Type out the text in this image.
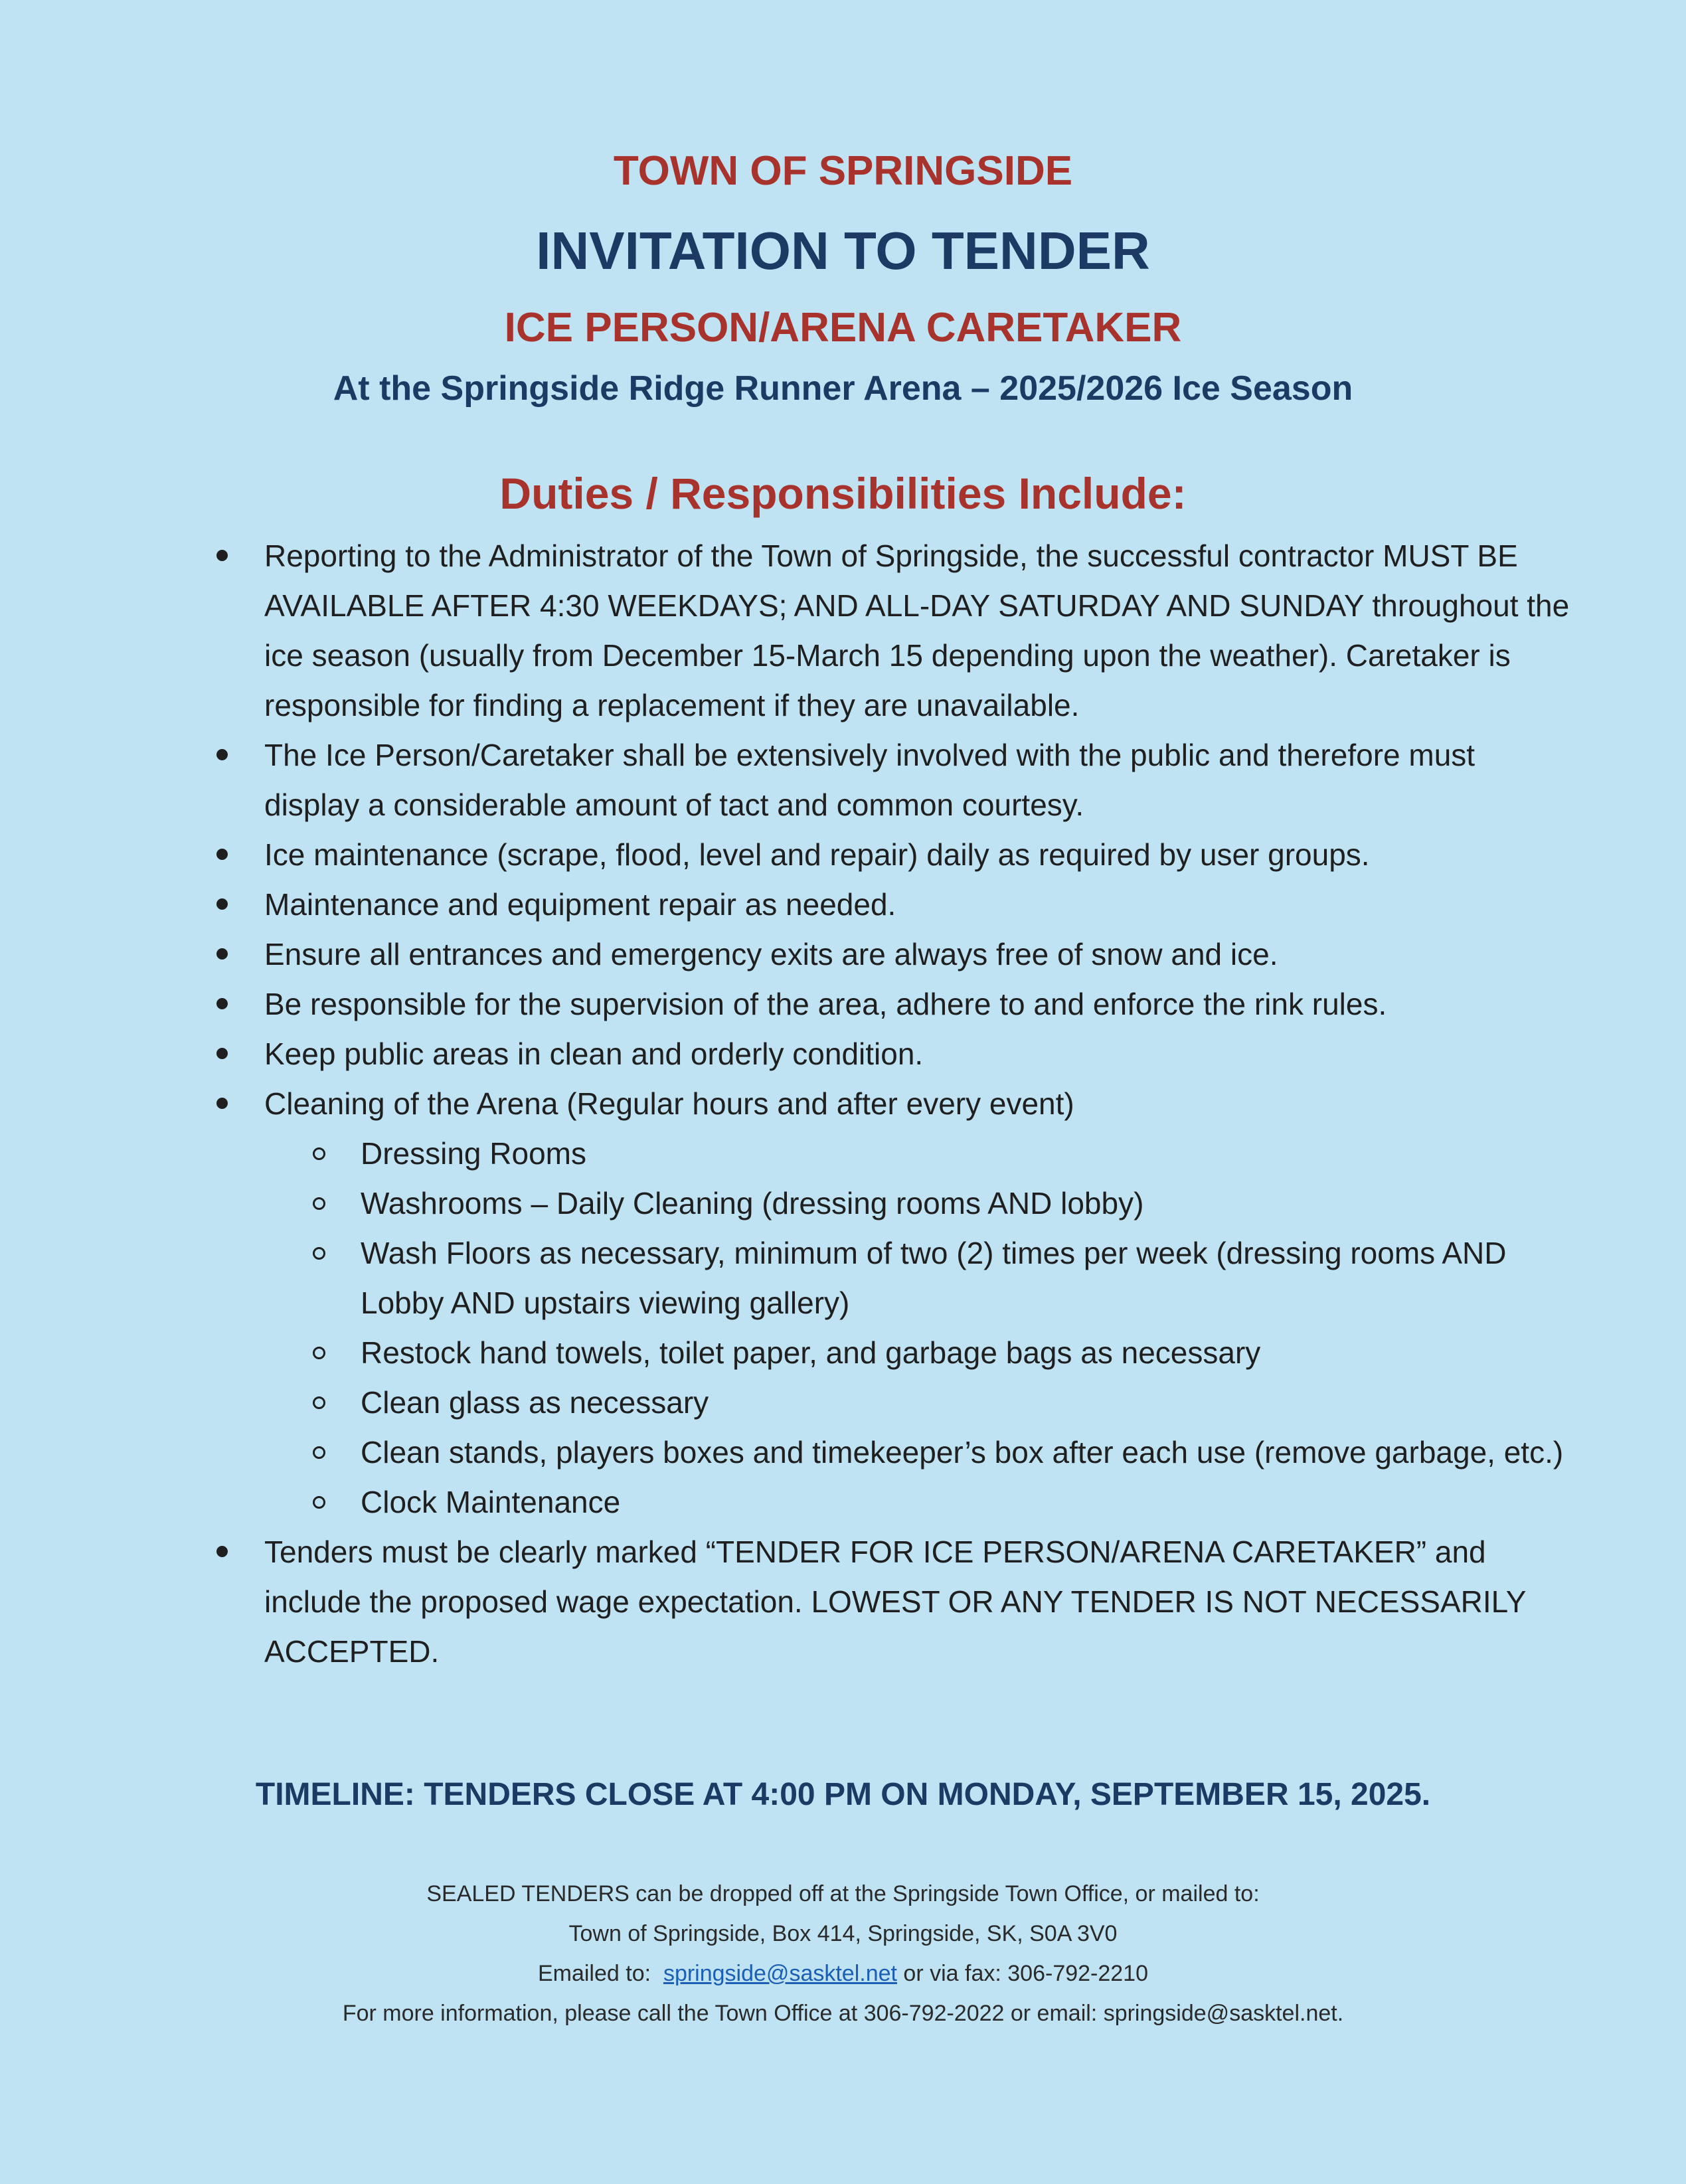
TOWN OF SPRINGSIDE
INVITATION TO TENDER
ICE PERSON/ARENA CARETAKER
At the Springside Ridge Runner Arena – 2025/2026 Ice Season
Duties / Responsibilities Include:
Reporting to the Administrator of the Town of Springside, the successful contractor MUST BE AVAILABLE AFTER 4:30 WEEKDAYS; AND ALL-DAY SATURDAY AND SUNDAY throughout the ice season (usually from December 15-March 15 depending upon the weather). Caretaker is responsible for finding a replacement if they are unavailable.
The Ice Person/Caretaker shall be extensively involved with the public and therefore must display a considerable amount of tact and common courtesy.
Ice maintenance (scrape, flood, level and repair) daily as required by user groups.
Maintenance and equipment repair as needed.
Ensure all entrances and emergency exits are always free of snow and ice.
Be responsible for the supervision of the area, adhere to and enforce the rink rules.
Keep public areas in clean and orderly condition.
Cleaning of the Arena (Regular hours and after every event)
Dressing Rooms
Washrooms – Daily Cleaning (dressing rooms AND lobby)
Wash Floors as necessary, minimum of two (2) times per week (dressing rooms AND Lobby AND upstairs viewing gallery)
Restock hand towels, toilet paper, and garbage bags as necessary
Clean glass as necessary
Clean stands, players boxes and timekeeper’s box after each use (remove garbage, etc.)
Clock Maintenance
Tenders must be clearly marked “TENDER FOR ICE PERSON/ARENA CARETAKER” and include the proposed wage expectation. LOWEST OR ANY TENDER IS NOT NECESSARILY ACCEPTED.
TIMELINE: TENDERS CLOSE AT 4:00 PM ON MONDAY, SEPTEMBER 15, 2025.
SEALED TENDERS can be dropped off at the Springside Town Office, or mailed to:
Town of Springside, Box 414, Springside, SK, S0A 3V0
Emailed to:  springside@sasktel.net or via fax: 306-792-2210
For more information, please call the Town Office at 306-792-2022 or email: springside@sasktel.net.
